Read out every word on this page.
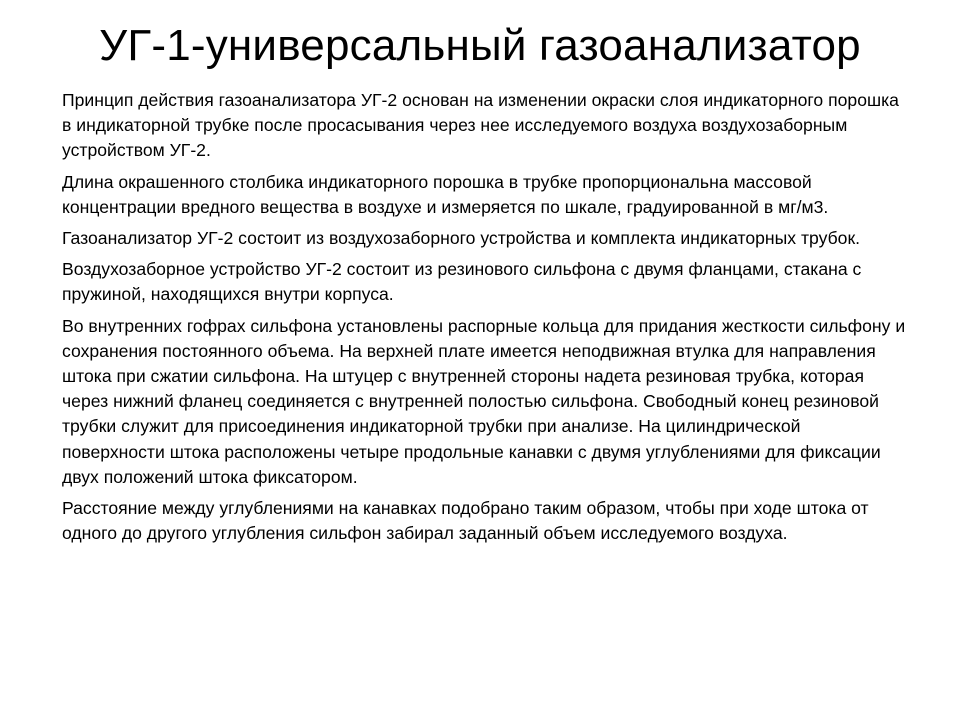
УГ-1-универсальный газоанализатор

Принцип действия газоанализатора УГ-2 основан на изменении окраски слоя индикаторного порошка в индикаторной трубке после просасывания через нее исследуемого воздуха воздухозаборным устройством УГ-2.

Длина окрашенного столбика индикаторного порошка в трубке пропорциональна массовой концентрации вредного вещества в воздухе и измеряется по шкале, градуированной в мг/м3.

Газоанализатор УГ-2 состоит из воздухозаборного устройства и комплекта индикаторных трубок.

Воздухозаборное устройство УГ-2 состоит из резинового сильфона с двумя фланцами, стакана с пружиной, находящихся внутри корпуса.

Во внутренних гофрах сильфона установлены распорные кольца для придания жесткости сильфону и сохранения постоянного объема. На верхней плате имеется неподвижная втулка для направления штока при сжатии сильфона. На штуцер с внутренней стороны надета резиновая трубка, которая через нижний фланец соединяется с внутренней полостью сильфона. Свободный конец резиновой трубки служит для присоединения индикаторной трубки при анализе. На цилиндрической поверхности штока расположены четыре продольные канавки с двумя углублениями для фиксации двух положений штока фиксатором.

Расстояние между углублениями на канавках подобрано таким образом, чтобы при ходе штока от одного до другого углубления сильфон забирал заданный объем исследуемого воздуха.
